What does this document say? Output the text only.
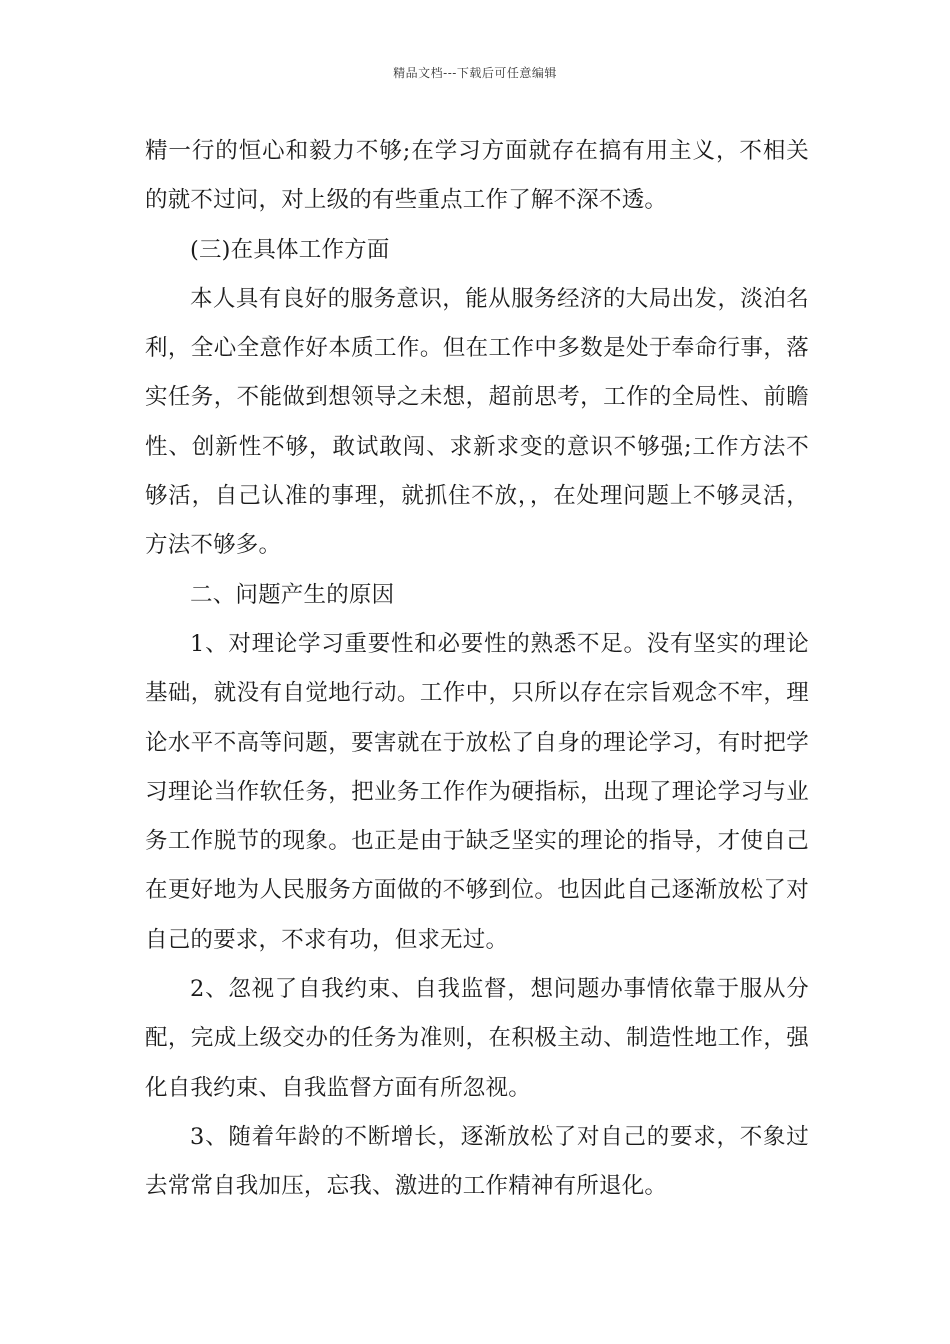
精品文档---下载后可任意编辑

精一行的恒心和毅力不够;在学习方面就存在搞有用主义，不相关的就不过问，对上级的有些重点工作了解不深不透。

(三)在具体工作方面

本人具有良好的服务意识，能从服务经济的大局出发，淡泊名利，全心全意作好本质工作。但在工作中多数是处于奉命行事，落实任务，不能做到想领导之未想，超前思考，工作的全局性、前瞻性、创新性不够，敢试敢闯、求新求变的意识不够强;工作方法不够活，自己认准的事理，就抓住不放，，在处理问题上不够灵活，方法不够多。

二、问题产生的原因

1、对理论学习重要性和必要性的熟悉不足。没有坚实的理论基础，就没有自觉地行动。工作中，只所以存在宗旨观念不牢，理论水平不高等问题，要害就在于放松了自身的理论学习，有时把学习理论当作软任务，把业务工作作为硬指标，出现了理论学习与业务工作脱节的现象。也正是由于缺乏坚实的理论的指导，才使自己在更好地为人民服务方面做的不够到位。也因此自己逐渐放松了对自己的要求，不求有功，但求无过。

2、忽视了自我约束、自我监督，想问题办事情依靠于服从分配，完成上级交办的任务为准则，在积极主动、制造性地工作，强化自我约束、自我监督方面有所忽视。

3、随着年龄的不断增长，逐渐放松了对自己的要求，不象过去常常自我加压，忘我、激进的工作精神有所退化。
